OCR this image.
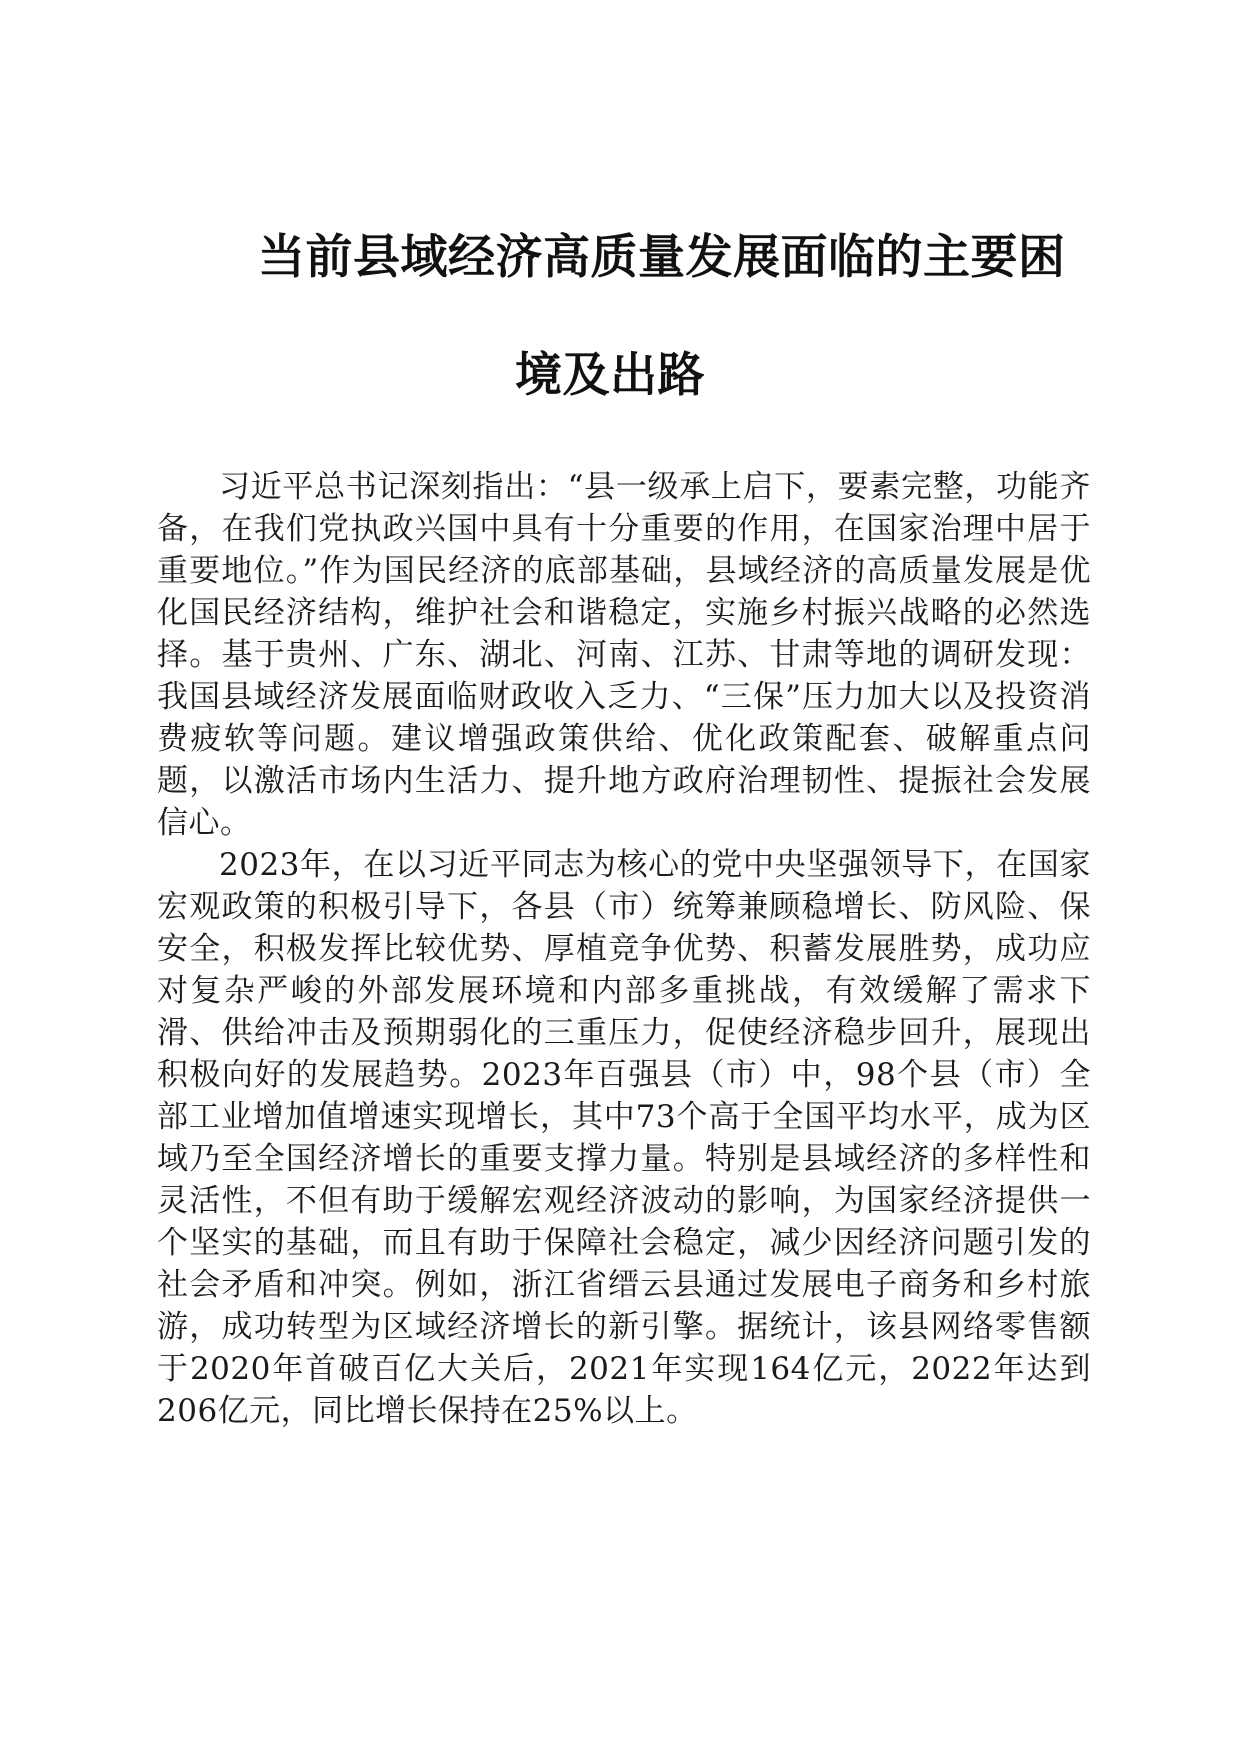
当前县域经济高质量发展面临的主要困
境及出路

习近平总书记深刻指出：“县一级承上启下，要素完整，功能齐备，在我们党执政兴国中具有十分重要的作用，在国家治理中居于重要地位。”作为国民经济的底部基础，县域经济的高质量发展是优化国民经济结构，维护社会和谐稳定，实施乡村振兴战略的必然选择。基于贵州、广东、湖北、河南、江苏、甘肃等地的调研发现：我国县域经济发展面临财政收入乏力、“三保”压力加大以及投资消费疲软等问题。建议增强政策供给、优化政策配套、破解重点问题，以激活市场内生活力、提升地方政府治理韧性、提振社会发展信心。

2023年，在以习近平同志为核心的党中央坚强领导下，在国家宏观政策的积极引导下，各县（市）统筹兼顾稳增长、防风险、保安全，积极发挥比较优势、厚植竞争优势、积蓄发展胜势，成功应对复杂严峻的外部发展环境和内部多重挑战，有效缓解了需求下滑、供给冲击及预期弱化的三重压力，促使经济稳步回升，展现出积极向好的发展趋势。2023年百强县（市）中，98个县（市）全部工业增加值增速实现增长，其中73个高于全国平均水平，成为区域乃至全国经济增长的重要支撑力量。特别是县域经济的多样性和灵活性，不但有助于缓解宏观经济波动的影响，为国家经济提供一个坚实的基础，而且有助于保障社会稳定，减少因经济问题引发的社会矛盾和冲突。例如，浙江省缙云县通过发展电子商务和乡村旅游，成功转型为区域经济增长的新引擎。据统计，该县网络零售额于2020年首破百亿大关后，2021年实现164亿元，2022年达到206亿元，同比增长保持在25%以上。
